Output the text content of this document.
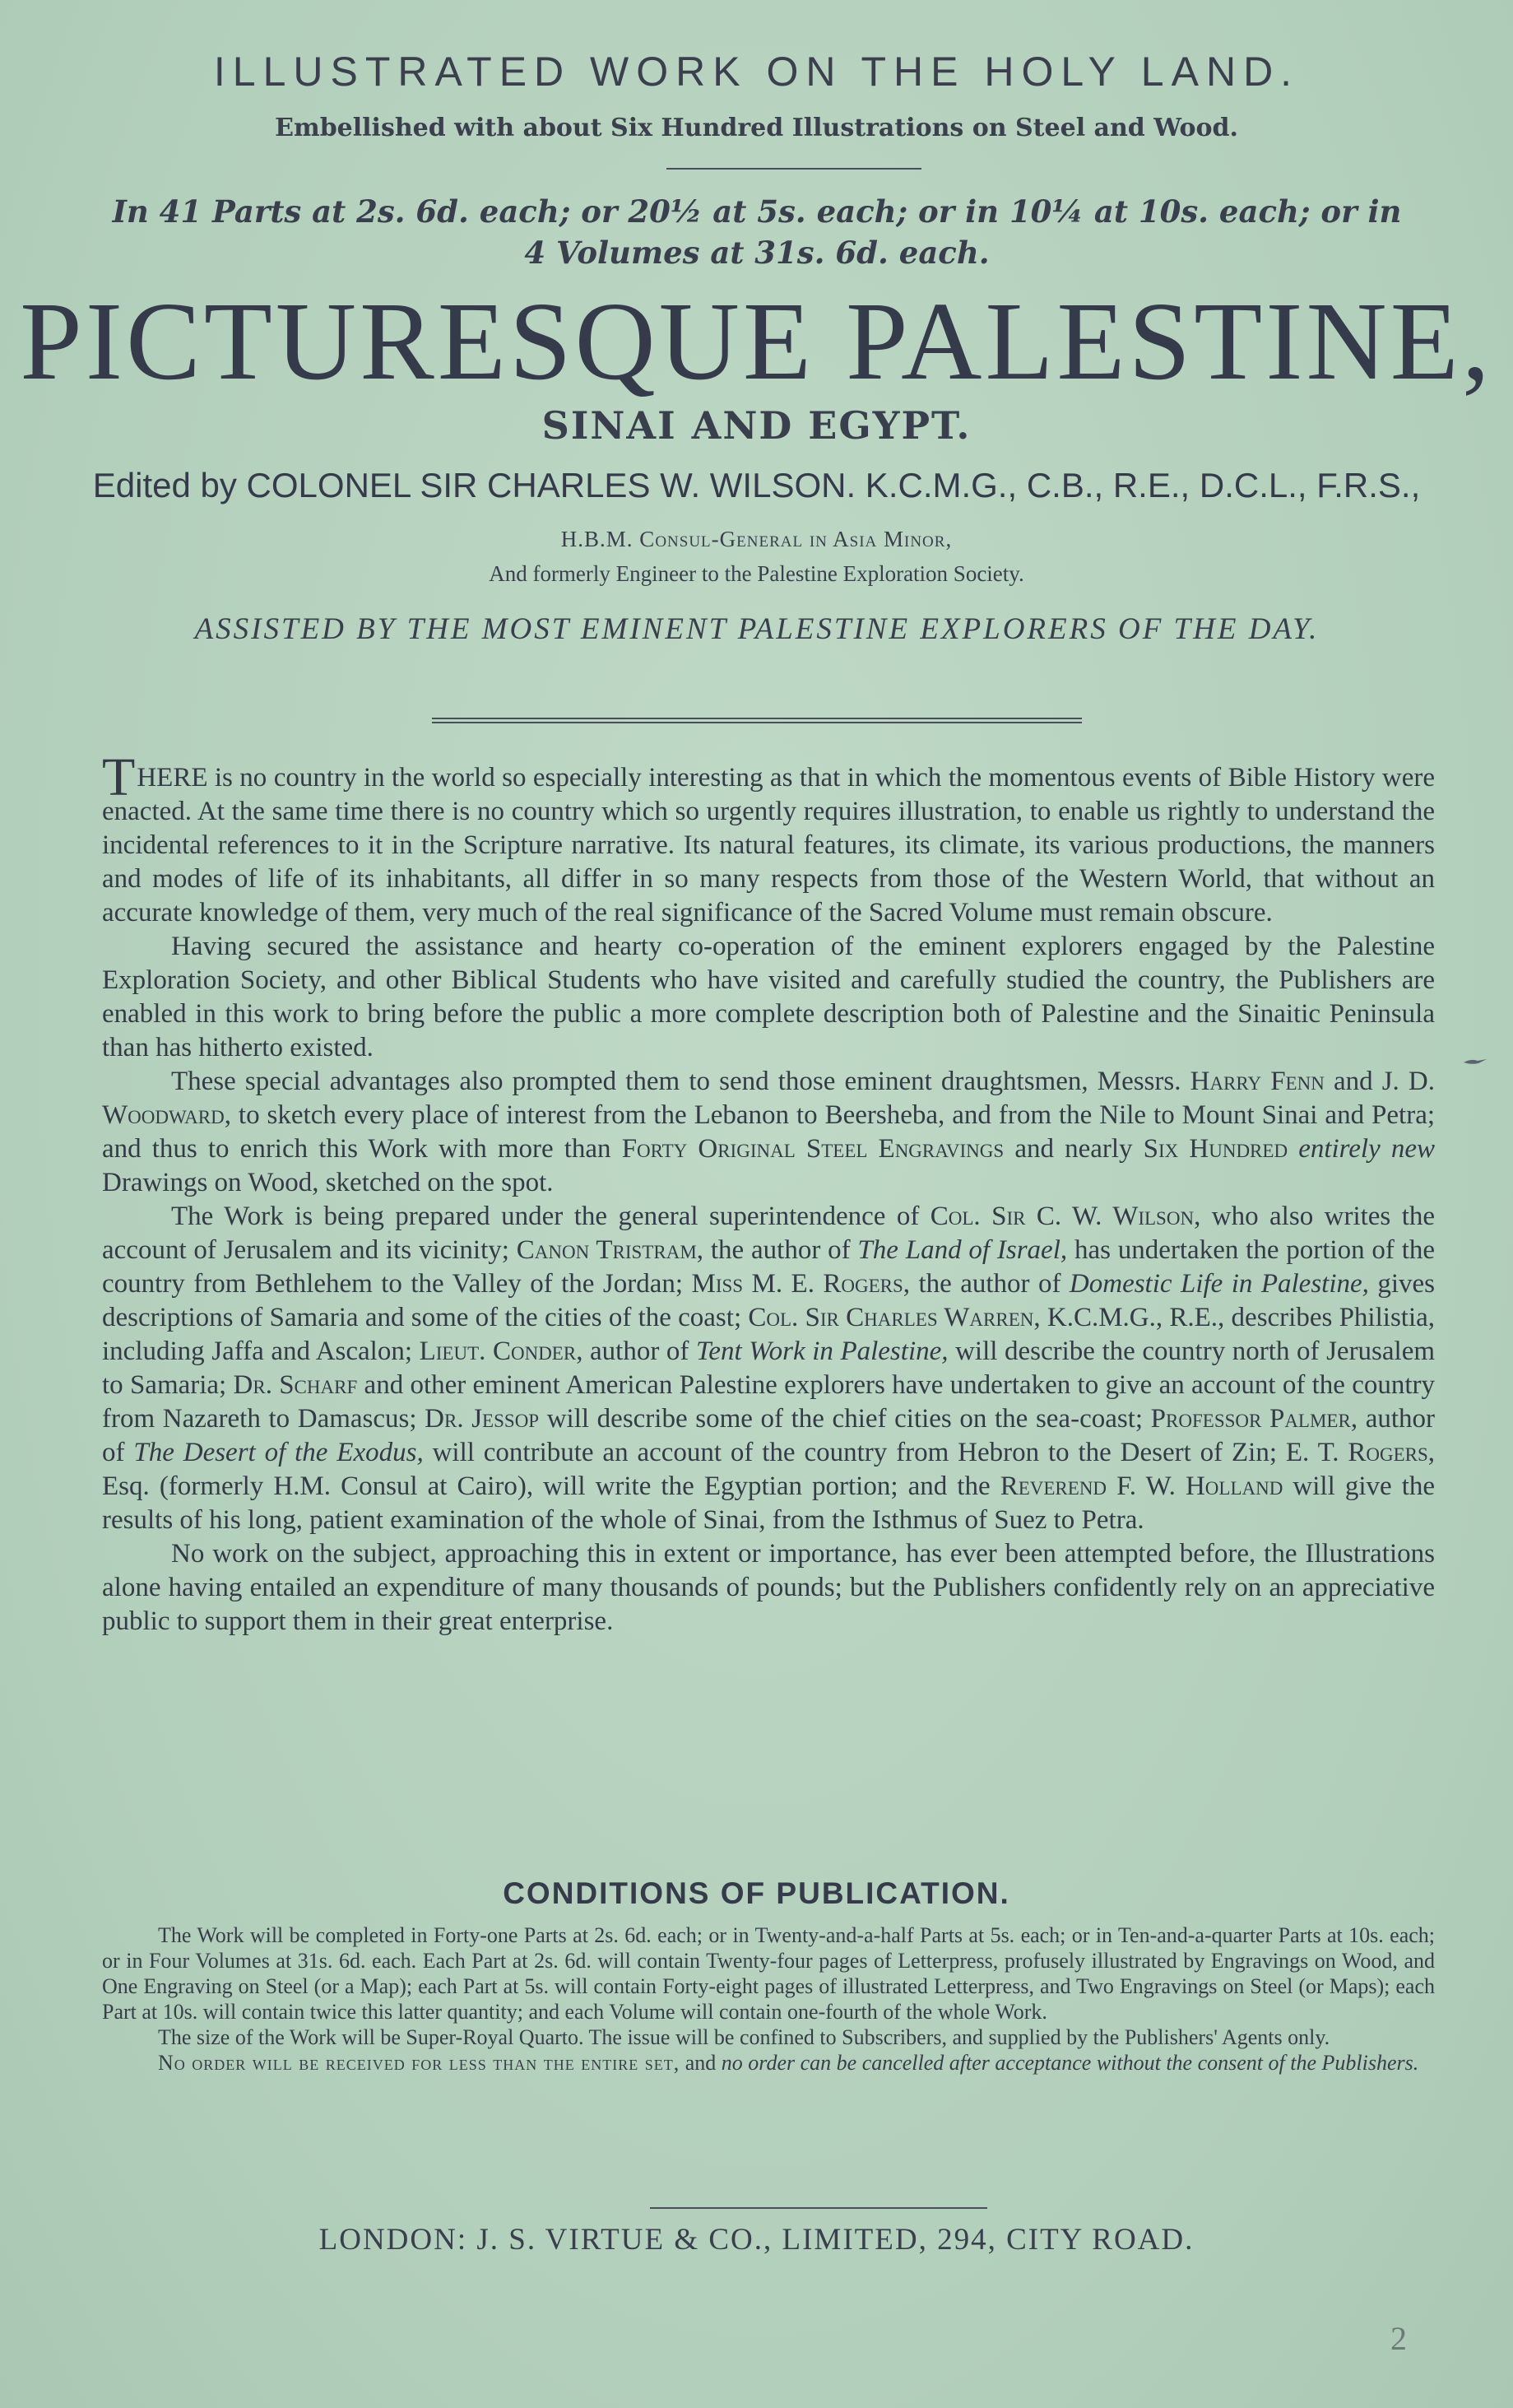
ILLUSTRATED WORK ON THE HOLY LAND.
Embellished with about Six Hundred Illustrations on Steel and Wood.
In 41 Parts at 2s. 6d. each; or 20½ at 5s. each; or in 10¼ at 10s. each; or in 4 Volumes at 31s. 6d. each.
PICTURESQUE PALESTINE,
SINAI AND EGYPT.
Edited by COLONEL SIR CHARLES W. WILSON. K.C.M.G., C.B., R.E., D.C.L., F.R.S.,
H.B.M. Consul-General in Asia Minor,
And formerly Engineer to the Palestine Exploration Society.
ASSISTED BY THE MOST EMINENT PALESTINE EXPLORERS OF THE DAY.

THERE is no country in the world so especially interesting as that in which the momentous events of Bible History were enacted. At the same time there is no country which so urgently requires illustration, to enable us rightly to understand the incidental references to it in the Scripture narrative. Its natural features, its climate, its various productions, the manners and modes of life of its inhabitants, all differ in so many respects from those of the Western World, that without an accurate knowledge of them, very much of the real significance of the Sacred Volume must remain obscure.

Having secured the assistance and hearty co-operation of the eminent explorers engaged by the Palestine Exploration Society, and other Biblical Students who have visited and carefully studied the country, the Publishers are enabled in this work to bring before the public a more complete description both of Palestine and the Sinaitic Peninsula than has hitherto existed.

These special advantages also prompted them to send those eminent draughtsmen, Messrs. Harry Fenn and J. D. Woodward, to sketch every place of interest from the Lebanon to Beersheba, and from the Nile to Mount Sinai and Petra; and thus to enrich this Work with more than Forty Original Steel Engravings and nearly Six Hundred entirely new Drawings on Wood, sketched on the spot.

The Work is being prepared under the general superintendence of Col. Sir C. W. Wilson, who also writes the account of Jerusalem and its vicinity; Canon Tristram, the author of The Land of Israel, has undertaken the portion of the country from Bethlehem to the Valley of the Jordan; Miss M. E. Rogers, the author of Domestic Life in Palestine, gives descriptions of Samaria and some of the cities of the coast; Col. Sir Charles Warren, K.C.M.G., R.E., describes Philistia, including Jaffa and Ascalon; Lieut. Conder, author of Tent Work in Palestine, will describe the country north of Jerusalem to Samaria; Dr. Scharf and other eminent American Palestine explorers have undertaken to give an account of the country from Nazareth to Damascus; Dr. Jessop will describe some of the chief cities on the sea-coast; Professor Palmer, author of The Desert of the Exodus, will contribute an account of the country from Hebron to the Desert of Zin; E. T. Rogers, Esq. (formerly H.M. Consul at Cairo), will write the Egyptian portion; and the Reverend F. W. Holland will give the results of his long, patient examination of the whole of Sinai, from the Isthmus of Suez to Petra.

No work on the subject, approaching this in extent or importance, has ever been attempted before, the Illustrations alone having entailed an expenditure of many thousands of pounds; but the Publishers confidently rely on an appreciative public to support them in their great enterprise.

CONDITIONS OF PUBLICATION.

The Work will be completed in Forty-one Parts at 2s. 6d. each; or in Twenty-and-a-half Parts at 5s. each; or in Ten-and-a-quarter Parts at 10s. each; or in Four Volumes at 31s. 6d. each. Each Part at 2s. 6d. will contain Twenty-four pages of Letterpress, profusely illustrated by Engravings on Wood, and One Engraving on Steel (or a Map); each Part at 5s. will contain Forty-eight pages of illustrated Letterpress, and Two Engravings on Steel (or Maps); each Part at 10s. will contain twice this latter quantity; and each Volume will contain one-fourth of the whole Work.

The size of the Work will be Super-Royal Quarto. The issue will be confined to Subscribers, and supplied by the Publishers' Agents only.

No order will be received for less than the entire set, and no order can be cancelled after acceptance without the consent of the Publishers.

LONDON: J. S. VIRTUE & CO., LIMITED, 294, CITY ROAD.
2
